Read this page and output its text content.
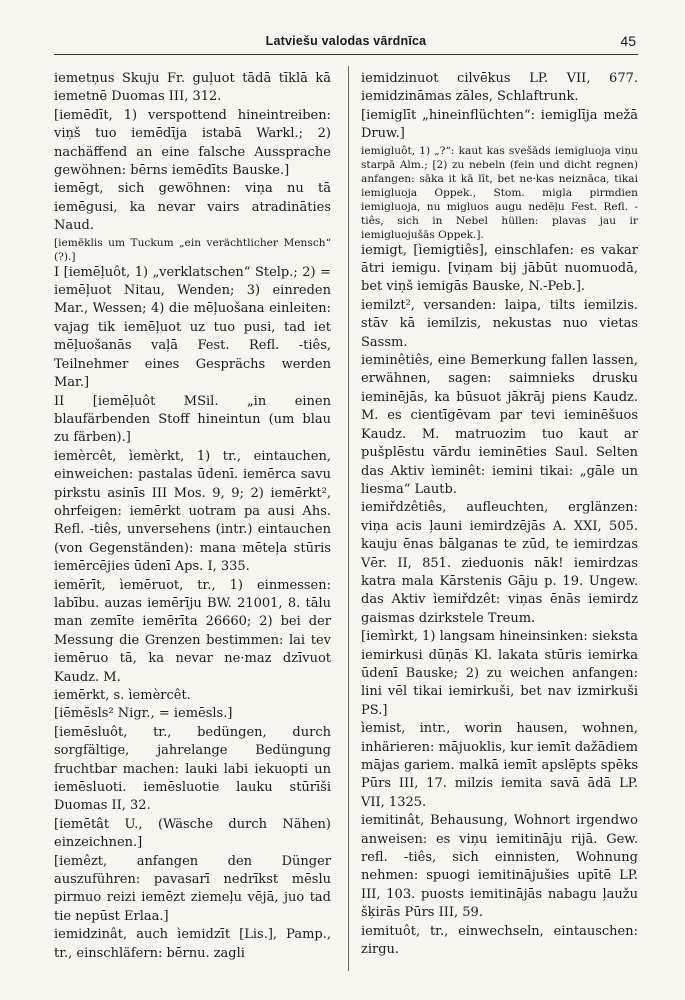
Latviešu valodas vārdnīca	45

iemetņus Skuju Fr. guļuot tādā tīklā kā iemetnē Duomas III, 312.

[iemēdīt, 1) verspottend hineintreiben: viņš tuo iemēdīja istabā Warkl.; 2) nachäffend an eine falsche Aussprache gewöhnen: bērns iemēdīts Bauske.]

iemēgt, sich gewöhnen: viņa nu tā iemēgusi, ka nevar vairs atradināties Naud.

[iemēklis um Tuckum „ein verächtlicher Mensch“ (?).]

I [iemēļuôt, 1) „verklatschen“ Stelp.; 2) = iemēļuot Nitau, Wenden; 3) einreden Mar., Wessen; 4) die mēļuošana einleiten: vajag tik iemēļuot uz tuo pusi, tad iet mēļuošanās vaļā Fest. Refl. -tiês, Teilnehmer eines Gesprächs werden Mar.]

II [iemēļuôt MSil. „in einen blaufärbenden Stoff hineintun (um blau zu färben).]

iemèrcêt, ìemèrkt, 1) tr., eintauchen, einweichen: pastalas ūdenī. iemērca savu pirkstu asinīs III Mos. 9, 9; 2) iemērkt², ohrfeigen: iemērkt uotram pa ausi Ahs. Refl. -tiês, unversehens (intr.) eintauchen (von Gegenständen): mana mēteļa stūris iemērcējies ūdenī Aps. I, 335.

iemērīt, ìemēruot, tr., 1) einmessen: labību. auzas iemērīju BW. 21001, 8. tālu man zemīte iemērīta 26660; 2) bei der Messung die Grenzen bestimmen: lai tev iemēruo tā, ka nevar ne·maz dzīvuot Kaudz. M.

iemērkt, s. ìemèrcêt.

[iēmēsls² Nigr., = iemēsls.]

[iemēsluôt, tr., bedüngen, durch sorgfältige, jahrelange Bedüngung fruchtbar machen: lauki labi iekuopti un iemēsluoti. iemēsluotie lauku stūrīši Duomas II, 32.

[iemētât U., (Wäsche durch Nähen) einzeichnen.]

[iemêzt, anfangen den Dünger auszuführen: pavasarī nedrīkst mēslu pirmuo reizi iemēzt ziemeļu vējā, juo tad tie nepūst Erlaa.]

iemidzinât, auch ìemidzīt [Lis.], Pamp., tr., einschläfern: bērnu. zagli

iemidzinuot cilvēkus LP. VII, 677. iemidzināmas zāles, Schlaftrunk.

[iemiglīt „hineinflüchten“: iemiglīja mežā Druw.]

iemigluôt, 1) „?“: kaut kas svešāds iemigluoja viņu starpā Alm.; [2) zu nebeln (fein und dicht regnen) anfangen: sāka it kā līt, bet ne·kas neiznāca, tikai iemigluoja Oppek., Stom. migla pirmdien iemigluoja, nu migluos augu nedēļu Fest. Refl. -tiês, sich in Nebel hüllen: plavas jau ir iemigluojušās Oppek.].

iemigt, [ìemigtiês], einschlafen: es vakar ātri iemigu. [viņam bij jābūt nuomuodā, bet viņš iemigās Bauske, N.-Peb.].

iemilzt², versanden: laipa, tilts iemilzis. stāv kā iemilzis, nekustas nuo vietas Sassm.

ieminêtiês, eine Bemerkung fallen lassen, erwähnen, sagen: saimnieks drusku ieminējās, ka būsuot jākrāj piens Kaudz. M. es cientīgēvam par tevi ieminēšuos Kaudz. M. matruozim tuo kaut ar pušplēstu vārdu ieminēties Saul. Selten das Aktiv ìeminêt: iemini tikai: „gāle un liesma“ Lautb.

iemiřdzêtiês, aufleuchten, erglänzen: viņa acis ļauni iemirdzējās A. XXI, 505. kauju ēnas bālganas te zūd, te iemirdzas Vēr. II, 851. zieduonis nāk! iemirdzas katra mala Kārstenis Gāju p. 19. Ungew. das Aktiv ìemiřdzêt: viņas ēnās iemirdz gaismas dzirkstele Treum.

[iemìrkt, 1) langsam hineinsinken: sieksta iemirkusi dūņās Kl. lakata stūris iemirka ūdenī Bauske; 2) zu weichen anfangen: lini vēl tikai iemirkuši, bet nav izmirkuši PS.]

ìemist, intr., worin hausen, wohnen, inhärieren: mājuoklis, kur iemīt dažādiem mājas gariem. malkā iemīt apslēpts spēks Pūrs III, 17. milzis iemita savā ādā LP. VII, 1325.

iemitinât, Behausung, Wohnort irgendwo anweisen: es viņu iemitināju rijā. Gew. refl. -tiês, sich einnisten, Wohnung nehmen: spuogi iemitinājušies upītē LP. III, 103. puosts iemitinājās nabagu ļaužu šķirās Pūrs III, 59.

iemituôt, tr., einwechseln, eintauschen: zirgu.
